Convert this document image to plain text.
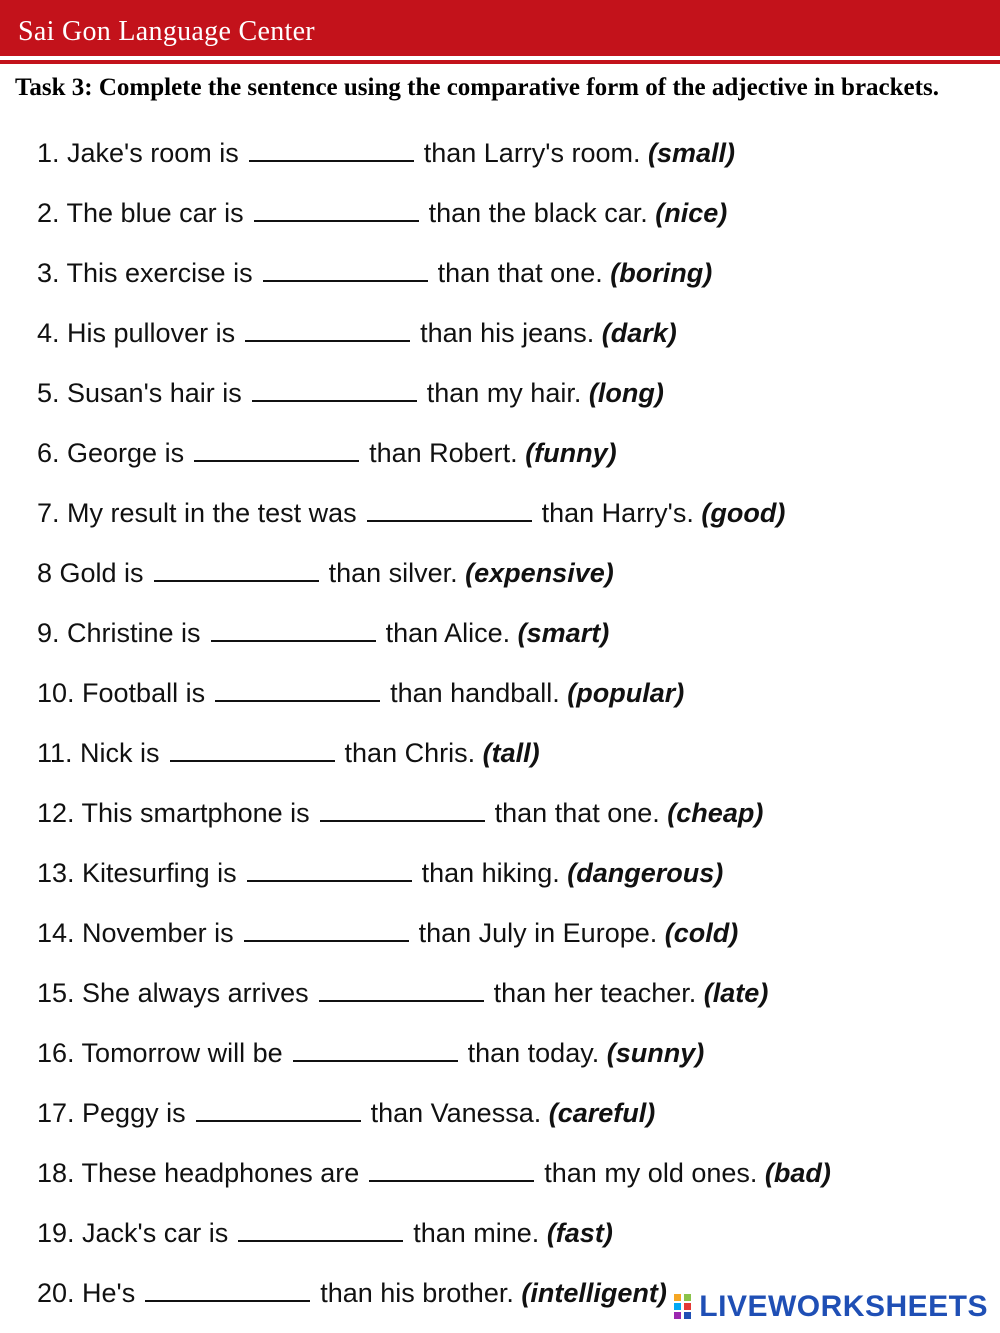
Sai Gon Language Center
Task 3: Complete the sentence using the comparative form of the adjective in brackets.
1. Jake's room is	than Larry's room. (small)
2. The blue car is	than the black car. (nice)
3. This exercise is	than that one. (boring)
4. His pullover is	than his jeans. (dark)
5. Susan's hair is	than my hair. (long)
6. George is	than Robert. (funny)
7. My result in the test was	than Harry's. (good)
8 Gold is	than silver. (expensive)
9. Christine is	than Alice. (smart)
10. Football is	than handball. (popular)
11. Nick is	than Chris. (tall)
12. This smartphone is	than that one. (cheap)
13. Kitesurfing is	than hiking. (dangerous)
14. November is	than July in Europe. (cold)
15. She always arrives	than her teacher. (late)
16. Tomorrow will be	than today. (sunny)
17. Peggy is	than Vanessa. (careful)
18. These headphones are	than my old ones. (bad)
19. Jack's car is	than mine. (fast)
20. He's	than his brother. (intelligent)	LIVEWORKSHEETS
